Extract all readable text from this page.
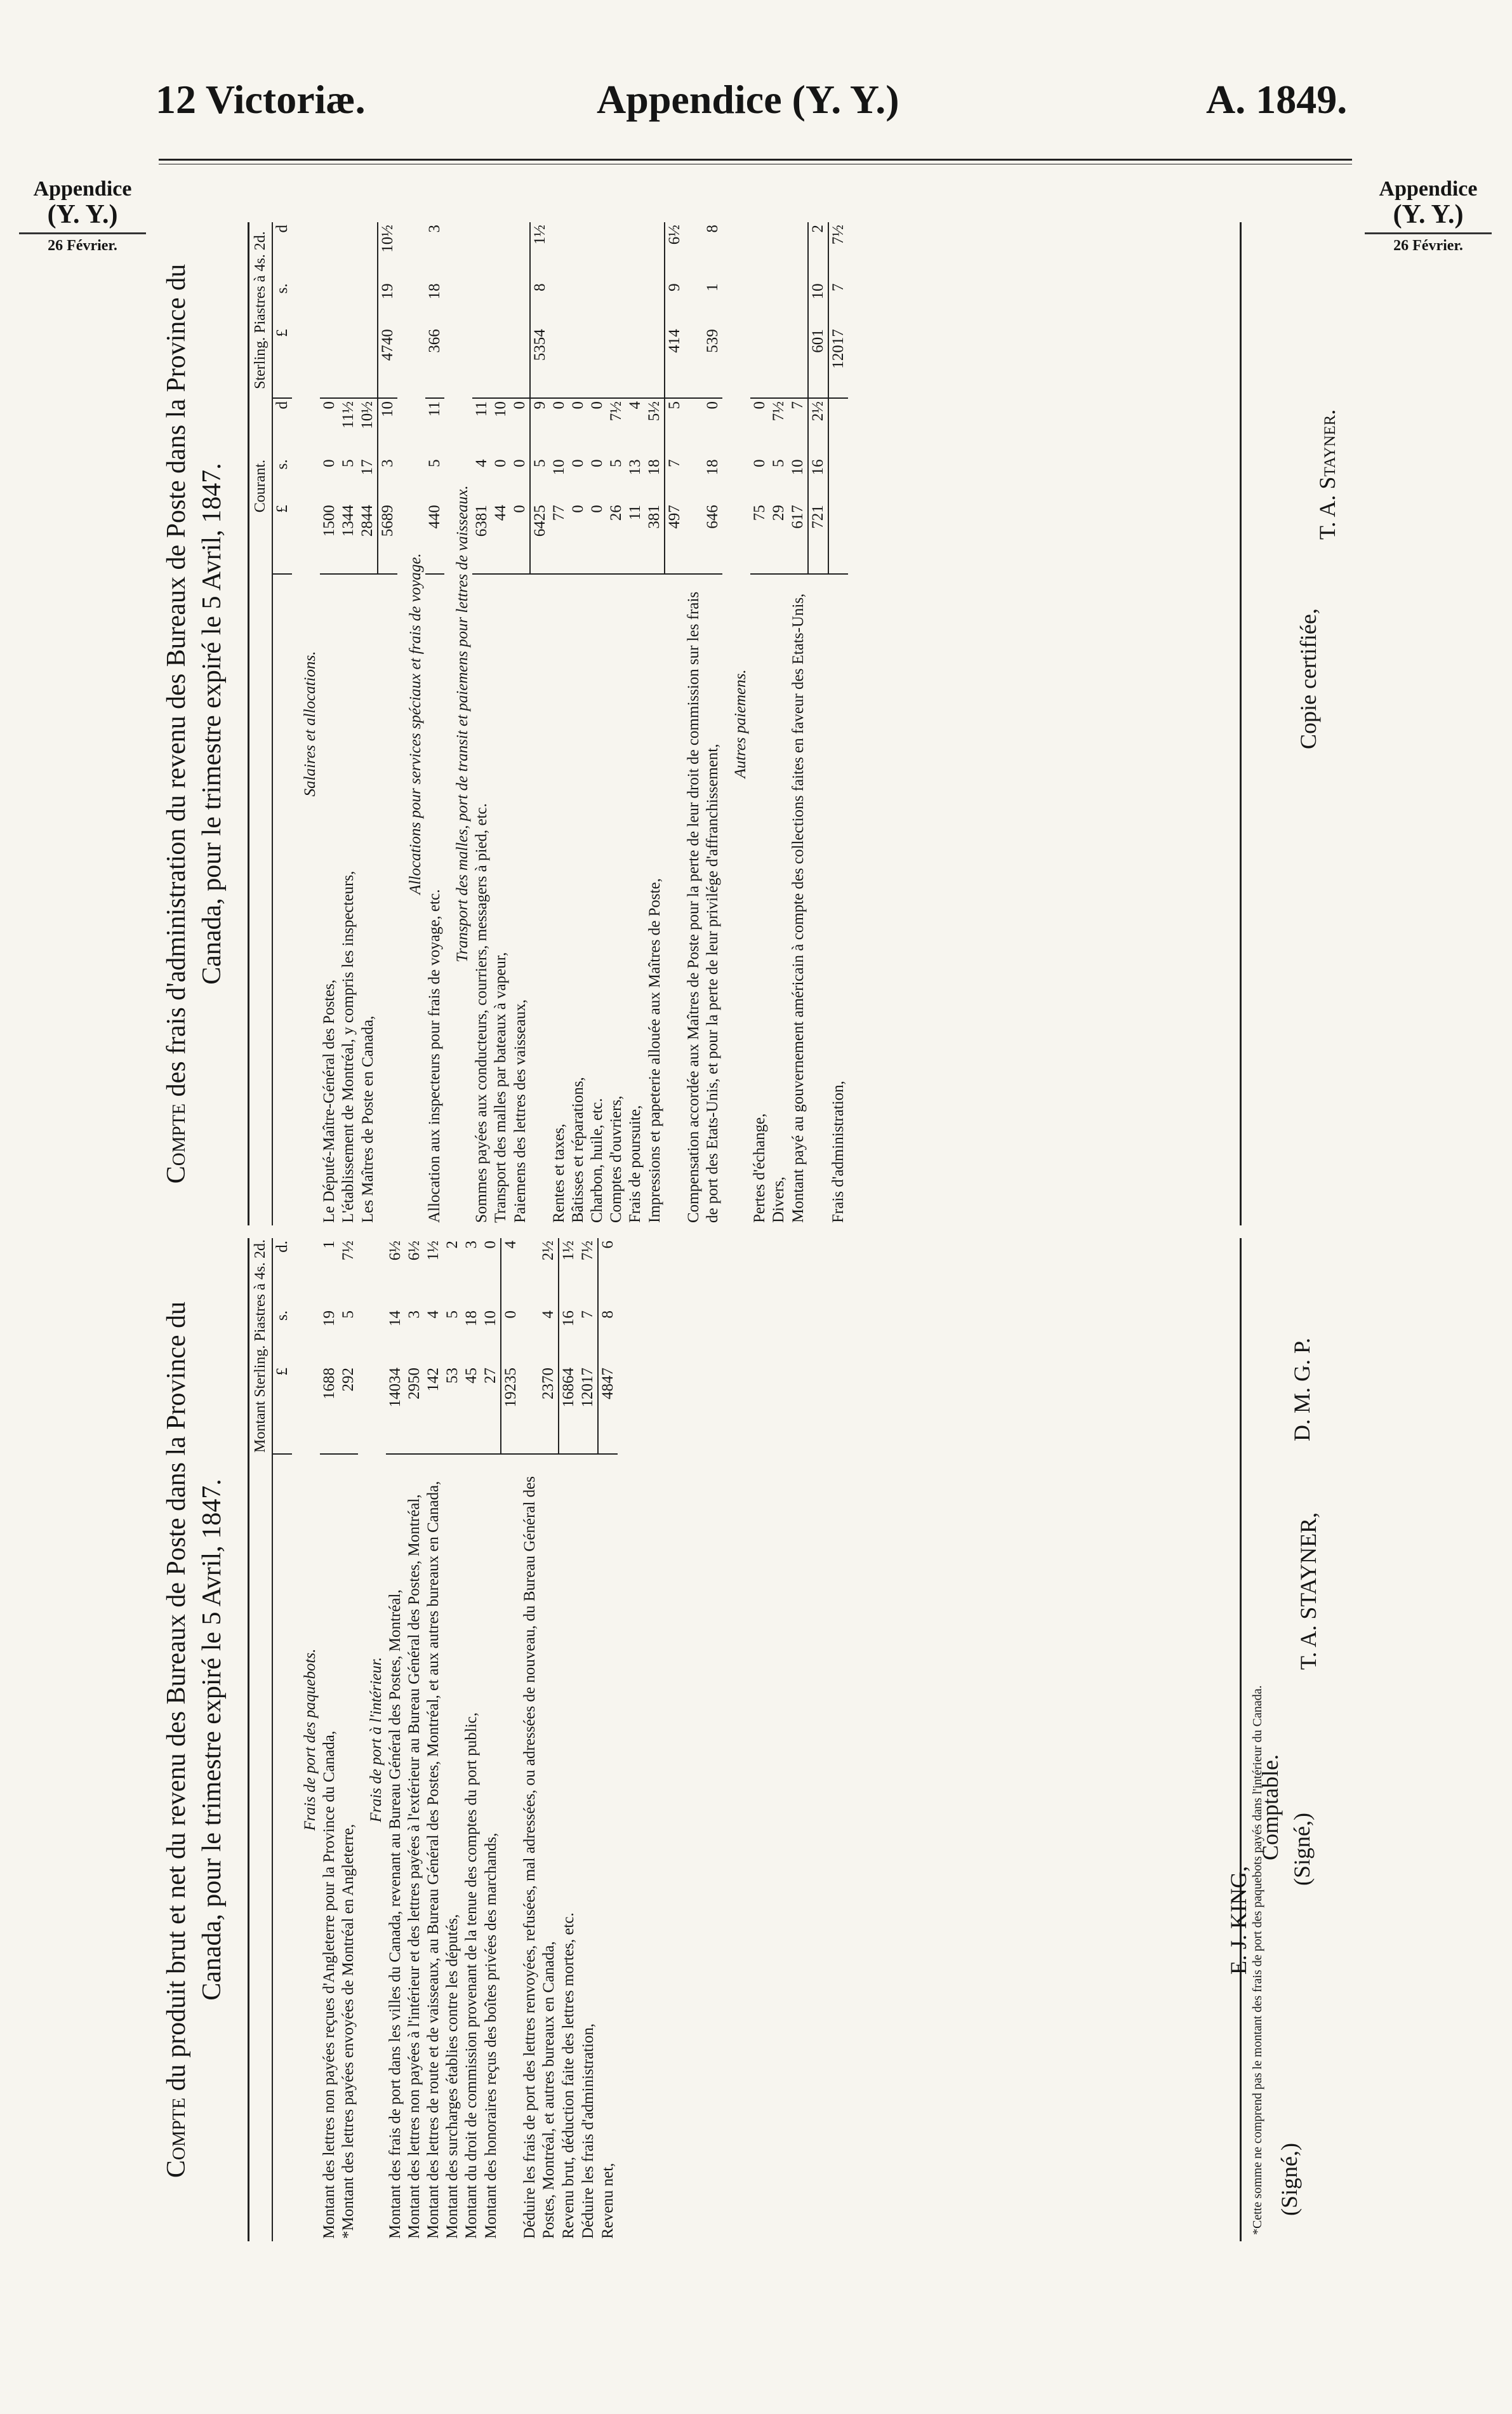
12 Victoriæ.	Appendice (Y. Y.)	A. 1849.
Appendice
(Y. Y.)
26 Février.
Appendice
(Y. Y.)
26 Février.
Compte du produit brut et net du revenu des Bureaux de Poste dans la Province du Canada, pour le trimestre expiré le 5 Avril, 1847.
	Montant Sterling. Piastres à 4s. 2d.		
	£	s.	d.
Frais de port des paquebots.			
Montant des lettres non payées reçues d'Angleterre pour la Province du Canada,	1688	19	1
*Montant des lettres payées envoyées de Montréal en Angleterre,	292	5	7½
Frais de port à l'intérieur.			
Montant des frais de port dans les villes du Canada, revenant au Bureau Général des Postes, Montréal,	14034	14	6½
Montant des lettres non payées à l'intérieur et des lettres payées à l'extérieur au Bureau Général des Postes, Montréal,	2950	3	6½
Montant des lettres de route et de vaisseaux, au Bureau Général des Postes, Montréal, et aux autres bureaux en Canada,	142	4	1½
Montant des surcharges établies contre les députés,	53	5	2
Montant du droit de commission provenant de la tenue des comptes du port public,	45	18	3
Montant des honoraires reçus des boîtes privées des marchands,	27	10	0
	19235	0	4
Déduire les frais de port des lettres renvoyées, refusées, mal adressées, ou adressées de nouveau, du Bureau Général des Postes, Montréal, et autres bureaux en Canada,	2370	4	2½
Revenu brut, déduction faite des lettres mortes, etc.	16864	16	1½
Déduire les frais d'administration,	12017	7	7½
Revenu net,	4847	8	6
*Cette somme ne comprend pas le montant des frais de port des paquebots payés dans l'intérieur du Canada.
Compte des frais d'administration du revenu des Bureaux de Poste dans la Province du Canada, pour le trimestre expiré le 5 Avril, 1847.
		Courant.			Sterling. Piastres à 4s. 2d.		
	£	s.	d	£	s.	d
Salaires et allocations.						
Le Député-Maître-Général des Postes,	1500	0	0			
L'établissement de Montréal, y compris les inspecteurs,	1344	5	11½			
Les Maîtres de Poste en Canada,	2844	17	10½			
	5689	3	10	4740	19	10½
Allocations pour services spéciaux et frais de voyage.						
Allocation aux inspecteurs pour frais de voyage, etc.	440	5	11	366	18	3
Transport des malles, port de transit et paiemens pour lettres de vaisseaux.						
Sommes payées aux conducteurs, courriers, messagers à pied, etc.	6381	4	11			
Transport des malles par bateaux à vapeur,	44	0	10			
Paiemens des lettres des vaisseaux,	0	0	0			
	6425	5	9	5354	8	1½
Rentes et taxes,	77	10	0			
Bâtisses et réparations,	0	0	0			
Charbon, huile, etc.	0	0	0			
Comptes d'ouvriers,	26	5	7½			
Frais de poursuite,	11	13	4			
Impressions et papeterie allouée aux Maîtres de Poste,	381	18	5½			
	497	7	5	414	9	6½
Compensation accordée aux Maîtres de Poste pour la perte de leur droit de commission sur les frais de port des Etats-Unis, et pour la perte de leur privilége d'affranchissement,	646	18	0	539	1	8
Autres paiemens.						
Pertes d'échange,	75	0	0			
Divers,	29	5	7½			
Montant payé au gouvernement américain à compte des collections faites en faveur des Etats-Unis,	617	10	7			
	721	16	2½	601	10	2
Frais d'administration,				12017	7	7½
(Signé,)
E. J. KING,
Comptable. (Signé,)
T. A. STAYNER,
D. M. G. P.
Copie certifiée,
T. A. Stayner.
